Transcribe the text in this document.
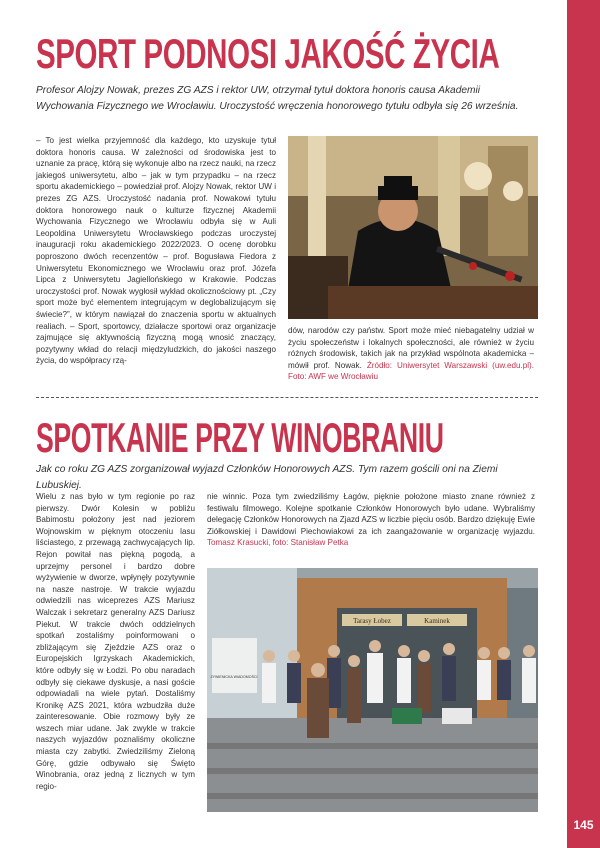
145
SPORT PODNOSI JAKOŚĆ ŻYCIA
Profesor Alojzy Nowak, prezes ZG AZS i rektor UW, otrzymał tytuł doktora honoris causa Akademii Wychowania Fizycznego we Wrocławiu. Uroczystość wręczenia honorowego tytułu odbyła się 26 września.
– To jest wielka przyjemność dla każdego, kto uzyskuje tytuł doktora honoris causa. W zależności od środowiska jest to uznanie za pracę, którą się wykonuje albo na rzecz nauki, na rzecz jakiegoś uniwersytetu, albo – jak w tym przypadku – na rzecz sportu akademickiego – powiedział prof. Alojzy Nowak, rektor UW i prezes ZG AZS. Uroczystość nadania prof. Nowakowi tytułu doktora honorowego nauk o kulturze fizycznej Akademii Wychowania Fizycznego we Wrocławiu odbyła się w Auli Leopoldina Uniwersytetu Wrocławskiego podczas uroczystej inauguracji roku akademickiego 2022/2023. O ocenę dorobku poproszono dwóch recenzentów – prof. Bogusława Fiedora z Uniwersytetu Ekonomicznego we Wrocławiu oraz prof. Józefa Lipca z Uniwersytetu Jagiellońskiego w Krakowie. Podczas uroczystości prof. Nowak wygłosił wykład okolicznościowy pt. „Czy sport może być elementem integrującym w deglobalizującym się świecie?”, w którym nawiązał do znaczenia sportu w aktualnych realiach. – Sport, sportowcy, działacze sportowi oraz organizacje zajmujące się aktywnością fizyczną mogą wnosić znaczący, pozytywny wkład do relacji międzyludzkich, do jakości naszego życia, do współpracy rzą-
dów, narodów czy państw. Sport może mieć niebagatelny udział w życiu społeczeństw i lokalnych społeczności, ale również w życiu różnych środowisk, takich jak na przykład wspólnota akademicka – mówił prof. Nowak. Źródło: Uniwersytet Warszawski (uw.edu.pl). Foto: AWF we Wrocławiu
SPOTKANIE PRZY WINOBRANIU
Jak co roku ZG AZS zorganizował wyjazd Członków Honorowych AZS. Tym razem gościli oni na Ziemi Lubuskiej.
Wielu z nas było w tym regionie po raz pierwszy. Dwór Kolesin w pobliżu Babimostu położony jest nad jeziorem Wojnowskim w pięknym otoczeniu lasu liściastego, z przewagą zachwycających lip. Rejon powitał nas piękną pogodą, a uprzejmy personel i bardzo dobre wyżywienie w dworze, wpłynęły pozytywnie na nasze nastroje. W trakcie wyjazdu odwiedzili nas wiceprezes AZS Mariusz Walczak i sekretarz generalny AZS Dariusz Piekut. W trakcie dwóch oddzielnych spotkań zostaliśmy poinformowani o zbliżającym się Zjeździe AZS oraz o Europejskich Igrzyskach Akademickich, które odbyły się w Łodzi. Po obu naradach odbyły się ciekawe dyskusje, a nasi goście odpowiadali na wiele pytań. Dostaliśmy Kronikę AZS 2021, która wzbudziła duże zainteresowanie. Obie rozmowy były ze wszech miar udane. Jak zwykle w trakcie naszych wyjazdów poznaliśmy okoliczne miasta czy zabytki. Zwiedziliśmy Zieloną Górę, gdzie odbywało się Święto Winobrania, oraz jedną z licznych w tym regio-
nie winnic. Poza tym zwiedziliśmy Łagów, pięknie położone miasto znane również z festiwalu filmowego. Kolejne spotkanie Członków Honorowych było udane. Wybraliśmy delegację Członków Honorowych na Zjazd AZS w liczbie pięciu osób. Bardzo dziękuję Ewie Ziółkowskiej i Dawidowi Piechowiakowi za ich zaangażowanie w organizację wyjazdu. Tomasz Krasucki, foto: Stanisław Petka
Tarasy Łobez	Kaminek
ZYWIENICKA WIADOMOŚCI
